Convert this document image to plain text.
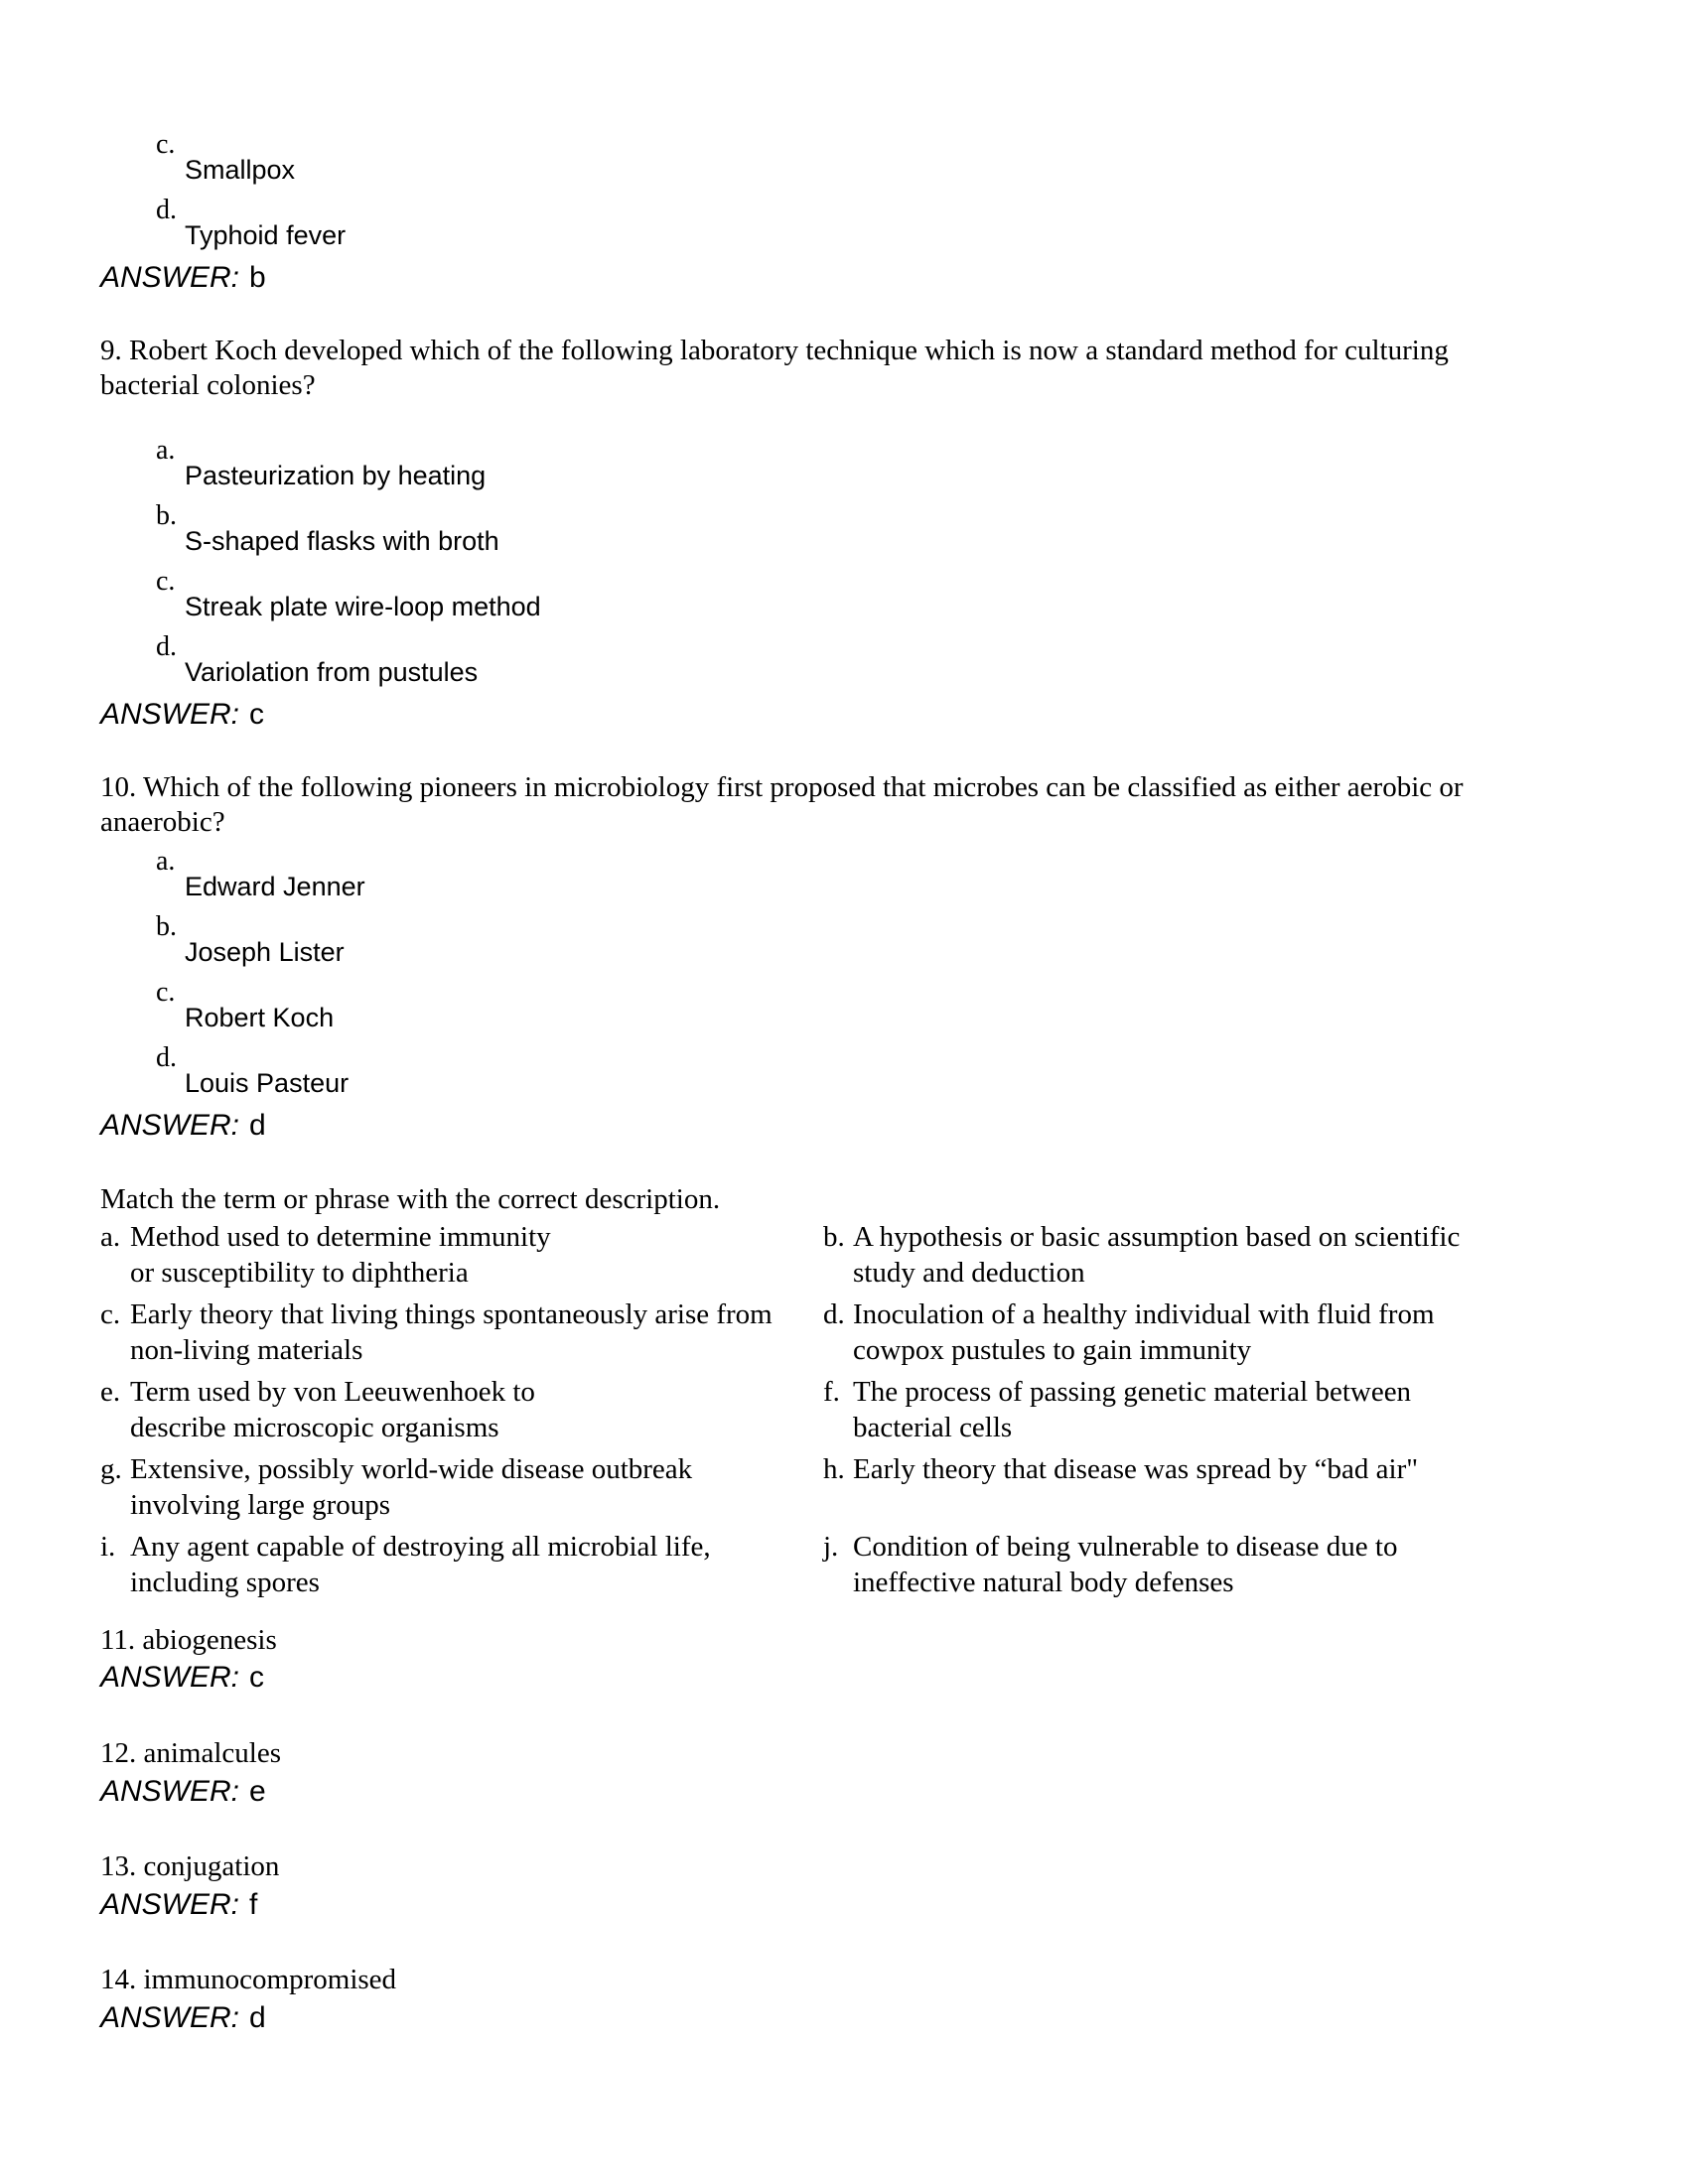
c.
Smallpox
d.
Typhoid fever
ANSWER: b
9. Robert Koch developed which of the following laboratory technique which is now a standard method for culturing bacterial colonies?
a.
Pasteurization by heating
b.
S-shaped flasks with broth
c.
Streak plate wire-loop method
d.
Variolation from pustules
ANSWER: c
10. Which of the following pioneers in microbiology first proposed that microbes can be classified as either aerobic or anaerobic?
a.
Edward Jenner
b.
Joseph Lister
c.
Robert Koch
d.
Louis Pasteur
ANSWER: d
Match the term or phrase with the correct description.
a. Method used to determine immunity or susceptibility to diphtheria
b. A hypothesis or basic assumption based on scientific study and deduction
c. Early theory that living things spontaneously arise from non-living materials
d. Inoculation of a healthy individual with fluid from cowpox pustules to gain immunity
e. Term used by von Leeuwenhoek to describe microscopic organisms
f. The process of passing genetic material between bacterial cells
g. Extensive, possibly world-wide disease outbreak involving large groups
h. Early theory that disease was spread by “bad air"
i. Any agent capable of destroying all microbial life, including spores
j. Condition of being vulnerable to disease due to ineffective natural body defenses
11. abiogenesis
ANSWER: c
12. animalcules
ANSWER: e
13. conjugation
ANSWER: f
14. immunocompromised
ANSWER: d
